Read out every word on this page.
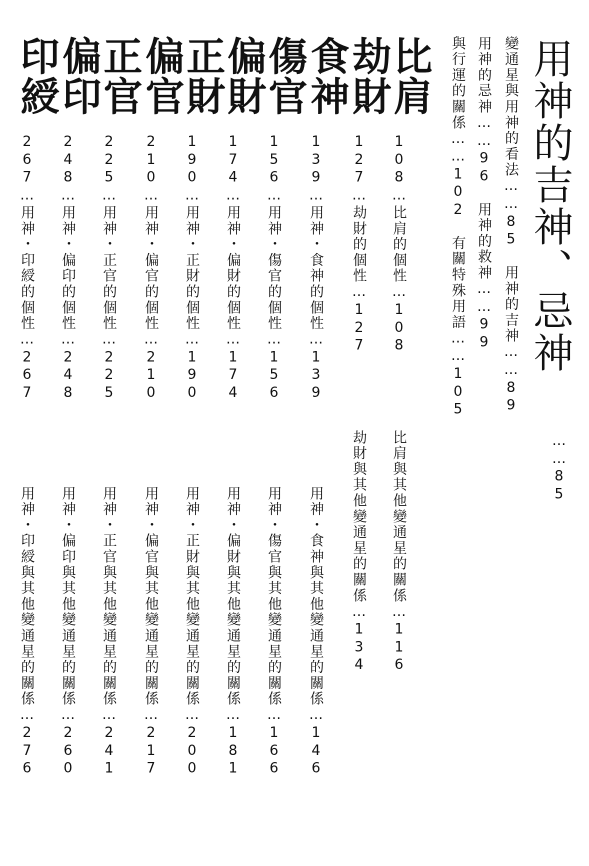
用神的吉神、忌神
……85
變通星與用神的看法……85　用神的吉神……89
用神的忌神……96　用神的救神……99
與行運的關係……102　有關特殊用語……105
比肩
108…比肩的個性…108
比肩與其他變通星的關係…116
劫財
127…劫財的個性…127
劫財與其他變通星的關係…134
食神
139…用神・食神的個性…139
用神・食神與其他變通星的關係…146
傷官
156…用神・傷官的個性…156
用神・傷官與其他變通星的關係…166
偏財
174…用神・偏財的個性…174
用神・偏財與其他變通星的關係…181
正財
190…用神・正財的個性…190
用神・正財與其他變通星的關係…200
偏官
210…用神・偏官的個性…210
用神・偏官與其他變通星的關係…217
正官
225…用神・正官的個性…225
用神・正官與其他變通星的關係…241
偏印
248…用神・偏印的個性…248
用神・偏印與其他變通星的關係…260
印綬
267…用神・印綬的個性…267
用神・印綬與其他變通星的關係…276
